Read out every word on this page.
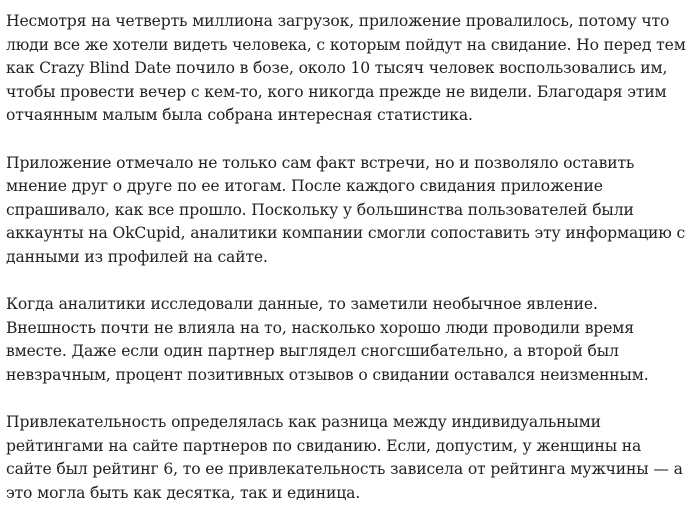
Несмотря на четверть миллиона загрузок, приложение провалилось, потому что люди все же хотели видеть человека, с которым пойдут на свидание. Но перед тем как Crazy Blind Date почило в бозе, около 10 тысяч человек воспользовались им, чтобы провести вечер с кем-то, кого никогда прежде не видели. Благодаря этим отчаянным малым была собрана интересная статистика.

Приложение отмечало не только сам факт встречи, но и позволяло оставить мнение друг о друге по ее итогам. После каждого свидания приложение спрашивало, как все прошло. Поскольку у большинства пользователей были аккаунты на OkCupid, аналитики компании смогли сопоставить эту информацию с данными из профилей на сайте.

Когда аналитики исследовали данные, то заметили необычное явление. Внешность почти не влияла на то, насколько хорошо люди проводили время вместе. Даже если один партнер выглядел сногсшибательно, а второй был невзрачным, процент позитивных отзывов о свидании оставался неизменным.

Привлекательность определялась как разница между индивидуальными рейтингами на сайте партнеров по свиданию. Если, допустим, у женщины на сайте был рейтинг 6, то ее привлекательность зависела от рейтинга мужчины — а это могла быть как десятка, так и единица.
